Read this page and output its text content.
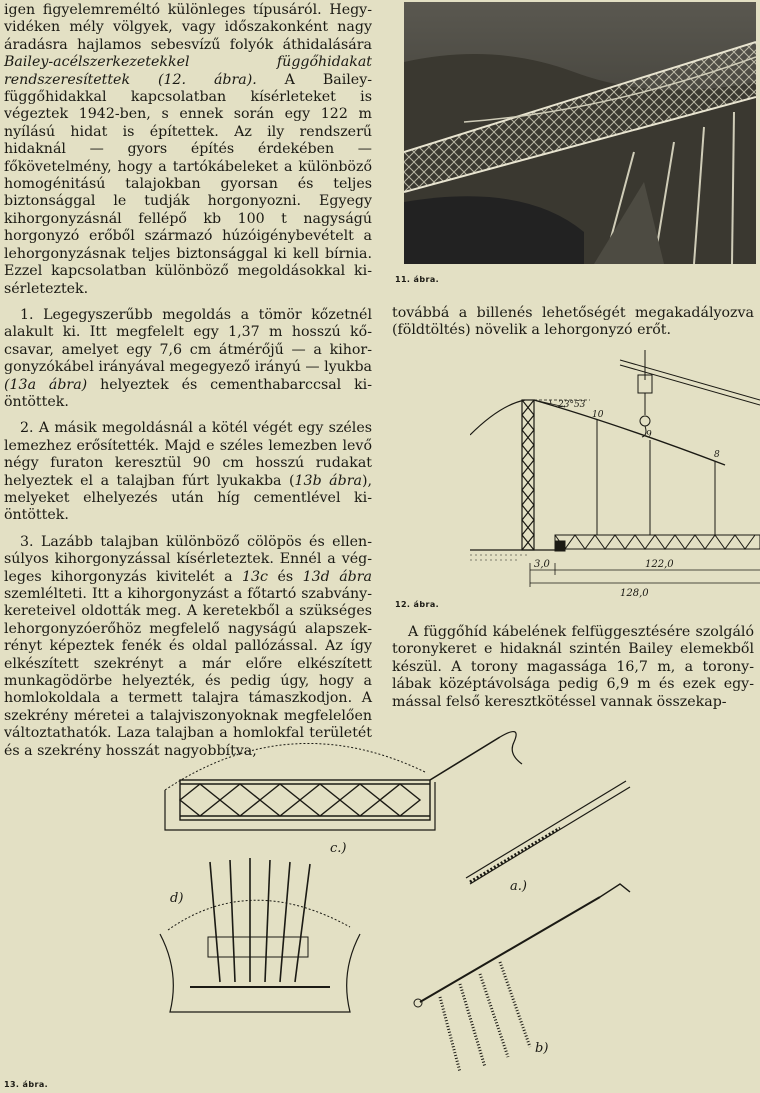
igen figyelemreméltó különleges típusáról. Hegyvidéken mély völgyek, vagy időszakonként nagy áradásra hajlamos sebesvízű folyók áthidalására Bailey-acélszerkezetekkel függőhidakat rendszeresítettek (12. ábra). A Bailey-függőhidakkal kapcsolatban kísérleteket is végeztek 1942-ben, s ennek során egy 122 m nyílású hidat is építettek. Az ily rendszerű hidaknál — gyors építés érdekében — főkövetelmény, hogy a tartókábeleket a különböző homogénitású talajokban gyorsan és teljes biztonsággal le tudják horgonyozni. Egyegy kihorgonyzásnál fellépő kb 100 t nagyságú horgonyzó erőből származó húzóigénybevételt a lehorgonyzásnak teljes biztonsággal ki kell bírnia. Ezzel kapcsolatban különböző megoldásokkal kisérleteztek.

1. Legegyszerűbb megoldás a tömör kőzetnél alakult ki. Itt megfelelt egy 1,37 m hosszú kőcsavar, amelyet egy 7,6 cm átmérőjű — a kihorgonyzókábel irányával megegyező irányú — lyukba (13a ábra) helyeztek és cementhabarccsal kiöntöttek.

2. A másik megoldásnál a kötél végét egy széles lemezhez erősítették. Majd e széles lemezben levő négy furaton keresztül 90 cm hosszú rudakat helyeztek el a talajban fúrt lyukakba (13b ábra), melyeket elhelyezés után híg cementlével kiöntöttek.

3. Lazább talajban különböző cölöpös és ellensúlyos kihorgonyzással kísérleteztek. Ennél a végleges kihorgonyzás kivitelét a 13c és 13d ábra szemlélteti. Itt a kihorgonyzást a főtartó szabványkereteivel oldották meg. A keretekből a szükséges lehorgonyzóerőhöz megfelelő nagyságú alapszekrényt képeztek fenék és oldal pallózással. Az így elkészített szekrényt a már előre elkészített munkagödörbe helyezték, és pedig úgy, hogy a homlokoldala a termett talajra támaszkodjon. A szekrény méretei a talajviszonyoknak megfelelően változtathatók. Laza talajban a homlokfal területét és a szekrény hosszát nagyobbítva,

11. ábra.

továbbá a billenés lehetőségét megakadályozva (földtöltés) növelik a lehorgonyzó erőt.

23°53
10
9
8
3,0	122,0
128,0
12. ábra.

A függőhíd kábelének felfüggesztésére szolgáló toronykeret e hidaknál szintén Bailey elemekből készül. A torony magassága 16,7 m, a toronylábak középtávolsága pedig 6,9 m és ezek egymással felső keresztkötéssel vannak összekap-

c.)
a.)
d)
b)
13. ábra.
